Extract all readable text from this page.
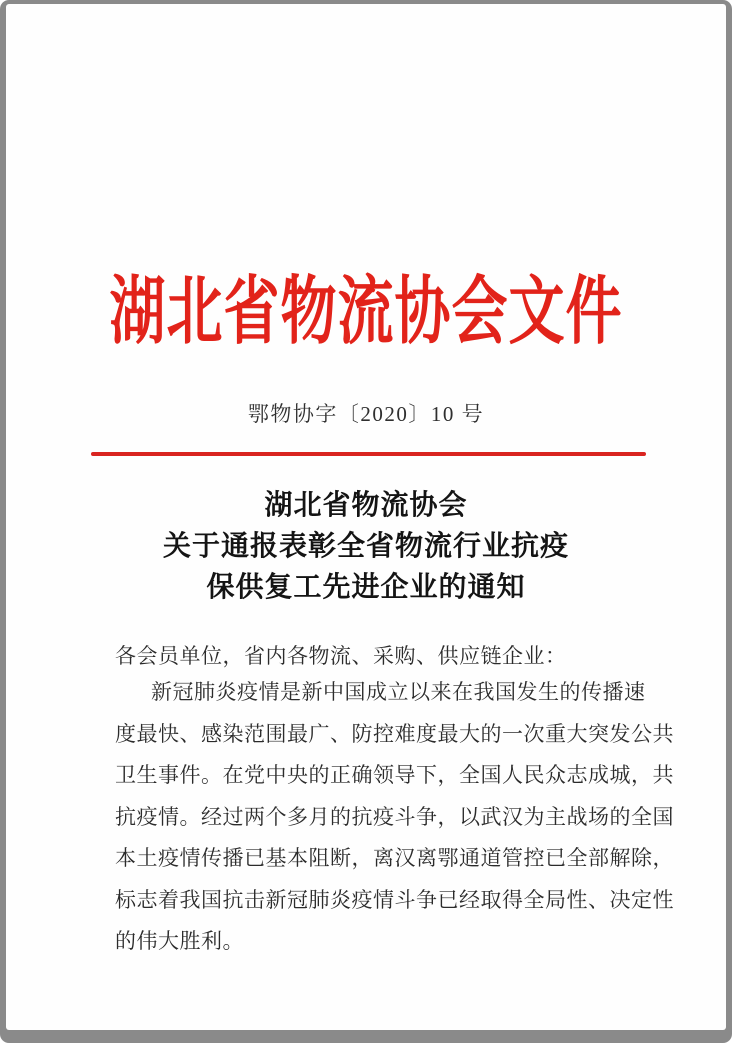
湖北省物流协会文件
鄂物协字〔2020〕10 号
湖北省物流协会
关于通报表彰全省物流行业抗疫
保供复工先进企业的通知
各会员单位，省内各物流、采购、供应链企业：
新冠肺炎疫情是新中国成立以来在我国发生的传播速
度最快、感染范围最广、防控难度最大的一次重大突发公共
卫生事件。在党中央的正确领导下，全国人民众志成城，共
抗疫情。经过两个多月的抗疫斗争，以武汉为主战场的全国
本土疫情传播已基本阻断，离汉离鄂通道管控已全部解除，
标志着我国抗击新冠肺炎疫情斗争已经取得全局性、决定性
的伟大胜利。
